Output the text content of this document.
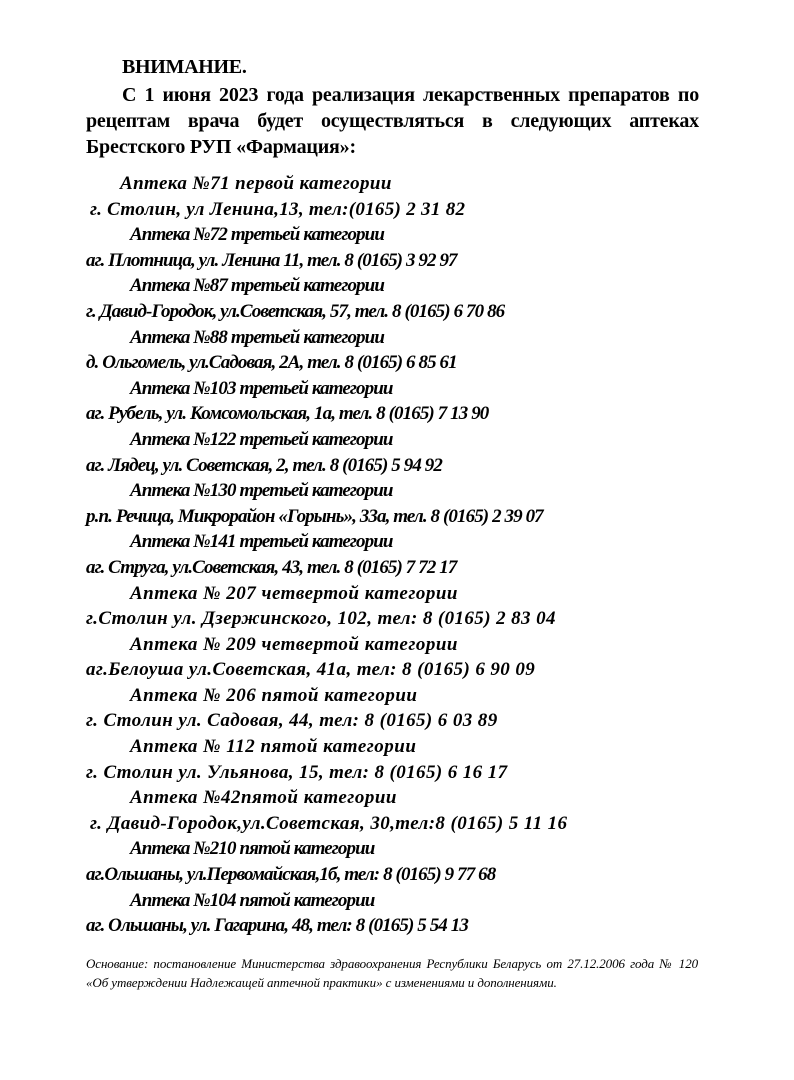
ВНИМАНИЕ.
С 1 июня 2023 года реализация лекарственных препаратов по рецептам врача будет осуществляться в следующих аптеках Брестского РУП «Фармация»:
Аптека №71 первой категории
г. Столин, ул Ленина,13, тел:(0165) 2 31 82
Аптека №72 третьей категории
аг. Плотница, ул. Ленина 11, тел. 8 (0165) 3 92 97
Аптека №87 третьей категории
г. Давид-Городок, ул.Советская, 57, тел. 8 (0165) 6 70 86
Аптека №88 третьей категории
д. Ольгомель, ул.Садовая, 2А, тел. 8 (0165) 6 85 61
Аптека №103 третьей категории
аг. Рубель, ул. Комсомольская, 1а, тел. 8 (0165) 7 13 90
Аптека №122 третьей категории
аг. Лядец, ул. Советская, 2, тел. 8 (0165) 5 94 92
Аптека №130 третьей категории
р.п. Речица, Микрорайон «Горынь», 33а, тел. 8 (0165) 2 39 07
Аптека №141 третьей категории
аг. Струга, ул.Советская, 43, тел. 8 (0165) 7 72 17
Аптека № 207 четвертой категории
г.Столин ул. Дзержинского, 102, тел: 8 (0165) 2 83 04
Аптека № 209 четвертой категории
аг.Белоуша ул.Советская, 41а, тел: 8 (0165) 6 90 09
Аптека № 206 пятой категории
г. Столин ул. Садовая, 44, тел: 8 (0165) 6 03 89
Аптека № 112 пятой категории
г. Столин ул. Ульянова, 15, тел: 8 (0165) 6 16 17
Аптека №42пятой категории
г. Давид-Городок,ул.Советская, 30,тел:8 (0165) 5 11 16
Аптека №210 пятой категории
аг.Ольшаны, ул.Первомайская,1б, тел: 8 (0165) 9 77 68
Аптека №104 пятой категории
аг. Ольшаны, ул. Гагарина, 48, тел: 8 (0165) 5 54 13
Основание: постановление Министерства здравоохранения Республики Беларусь от 27.12.2006 года № 120 «Об утверждении Надлежащей аптечной практики» с изменениями и дополнениями.
